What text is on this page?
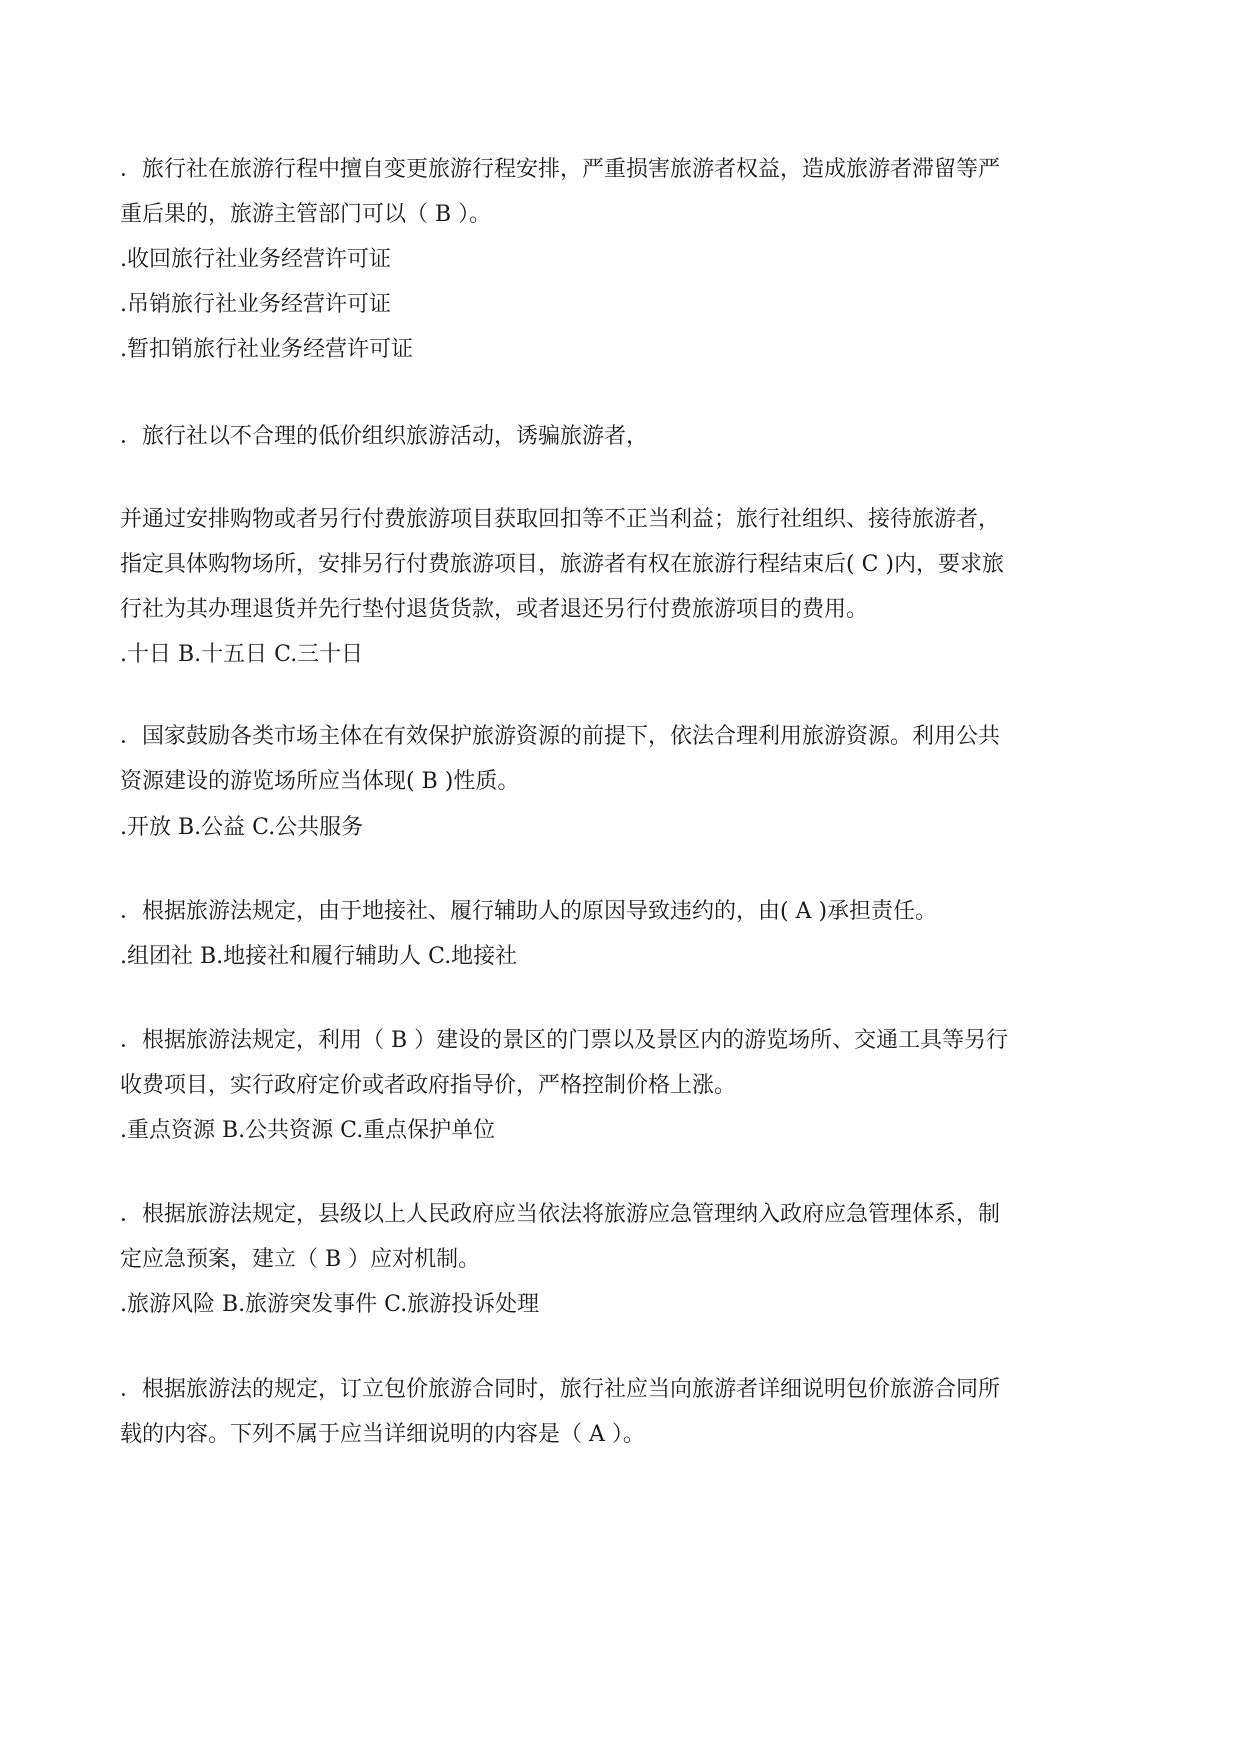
．旅行社在旅游行程中擅自变更旅游行程安排，严重损害旅游者权益，造成旅游者滞留等严
重后果的，旅游主管部门可以（ B ）。
.收回旅行社业务经营许可证
.吊销旅行社业务经营许可证
.暂扣销旅行社业务经营许可证
．旅行社以不合理的低价组织旅游活动，诱骗旅游者，
并通过安排购物或者另行付费旅游项目获取回扣等不正当利益；旅行社组织、接待旅游者，
指定具体购物场所，安排另行付费旅游项目，旅游者有权在旅游行程结束后( C )内，要求旅
行社为其办理退货并先行垫付退货货款，或者退还另行付费旅游项目的费用。
.十日 B.十五日 C.三十日
．国家鼓励各类市场主体在有效保护旅游资源的前提下，依法合理利用旅游资源。利用公共
资源建设的游览场所应当体现( B )性质。
.开放 B.公益 C.公共服务
．根据旅游法规定，由于地接社、履行辅助人的原因导致违约的，由( A )承担责任。
.组团社 B.地接社和履行辅助人 C.地接社
．根据旅游法规定，利用（ B ）建设的景区的门票以及景区内的游览场所、交通工具等另行
收费项目，实行政府定价或者政府指导价，严格控制价格上涨。
.重点资源 B.公共资源 C.重点保护单位
．根据旅游法规定，县级以上人民政府应当依法将旅游应急管理纳入政府应急管理体系，制
定应急预案，建立（ B ）应对机制。
.旅游风险 B.旅游突发事件 C.旅游投诉处理
．根据旅游法的规定，订立包价旅游合同时，旅行社应当向旅游者详细说明包价旅游合同所
载的内容。下列不属于应当详细说明的内容是（ A ）。
